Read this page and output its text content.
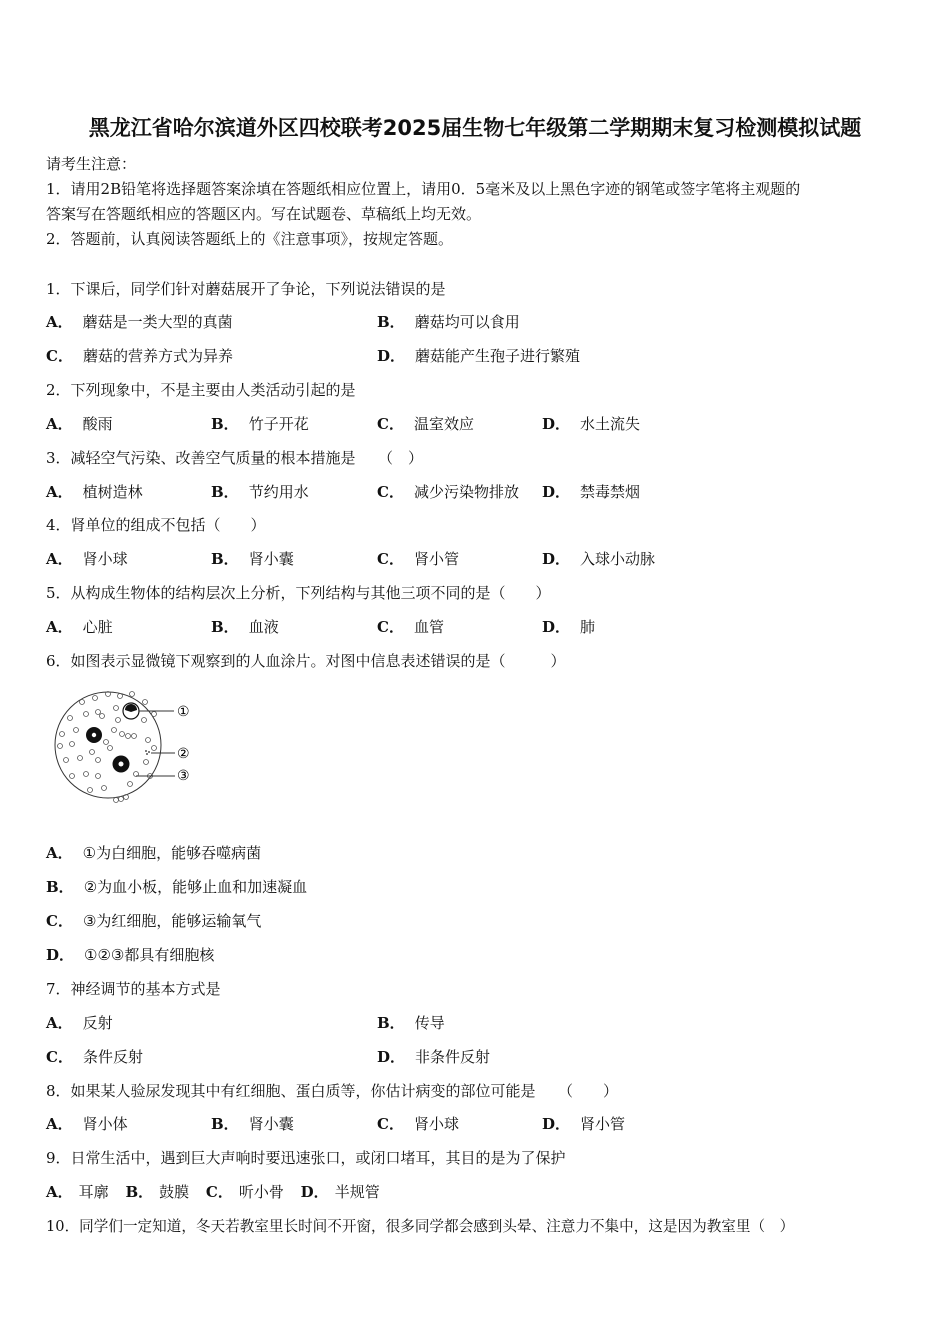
黑龙江省哈尔滨道外区四校联考2025届生物七年级第二学期期末复习检测模拟试题
请考生注意：
1．请用2B铅笔将选择题答案涂填在答题纸相应位置上，请用0．5毫米及以上黑色字迹的钢笔或签字笔将主观题的
答案写在答题纸相应的答题区内。写在试题卷、草稿纸上均无效。
2．答题前，认真阅读答题纸上的《注意事项》，按规定答题。
1．下课后，同学们针对蘑菇展开了争论，下列说法错误的是
A． 蘑菇是一类大型的真菌	B． 蘑菇均可以食用
C． 蘑菇的营养方式为异养	D． 蘑菇能产生孢子进行繁殖
2．下列现象中，不是主要由人类活动引起的是
A． 酸雨	B． 竹子开花	C． 温室效应	D． 水土流失
3．减轻空气污染、改善空气质量的根本措施是　　（　）
A． 植树造林	B． 节约用水	C． 减少污染物排放 D． 禁毒禁烟
4．肾单位的组成不包括（　　）
A． 肾小球	B． 肾小囊	C． 肾小管	D． 入球小动脉
5．从构成生物体的结构层次上分析，下列结构与其他三项不同的是（　　）
A． 心脏	B． 血液	C． 血管	D． 肺
6．如图表示显微镜下观察到的人血涂片。对图中信息表述错误的是（　　　）
①
②
③
A． ①为白细胞，能够吞噬病菌
B． ②为血小板，能够止血和加速凝血
C． ③为红细胞，能够运输氧气
D． ①②③都具有细胞核
7．神经调节的基本方式是
A． 反射	B． 传导
C． 条件反射	D． 非条件反射
8．如果某人验尿发现其中有红细胞、蛋白质等，你估计病变的部位可能是　　（　　）
A． 肾小体	B． 肾小囊	C． 肾小球	D． 肾小管
9．日常生活中，遇到巨大声响时要迅速张口，或闭口堵耳，其目的是为了保护
A． 耳廓 B． 鼓膜 C． 听小骨 D． 半规管
10．同学们一定知道，冬天若教室里长时间不开窗，很多同学都会感到头晕、注意力不集中，这是因为教室里（　）
